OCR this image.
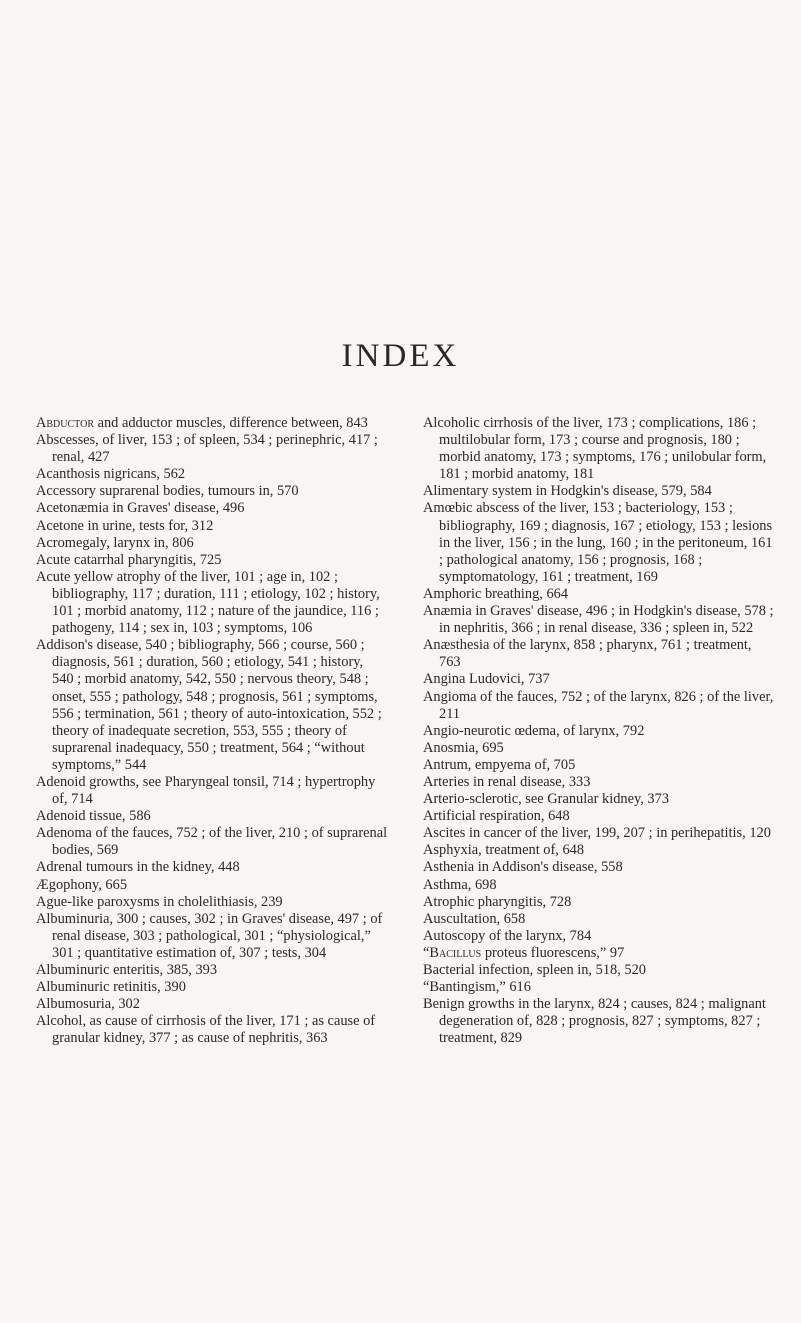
INDEX

Abductor and adductor muscles, difference between, 843

Abscesses, of liver, 153 ; of spleen, 534 ; perinephric, 417 ; renal, 427

Acanthosis nigricans, 562

Accessory suprarenal bodies, tumours in, 570

Acetonæmia in Graves' disease, 496

Acetone in urine, tests for, 312

Acromegaly, larynx in, 806

Acute catarrhal pharyngitis, 725

Acute yellow atrophy of the liver, 101 ; age in, 102 ; bibliography, 117 ; duration, 111 ; etiology, 102 ; history, 101 ; morbid anatomy, 112 ; nature of the jaundice, 116 ; pathogeny, 114 ; sex in, 103 ; symptoms, 106

Addison's disease, 540 ; bibliography, 566 ; course, 560 ; diagnosis, 561 ; duration, 560 ; etiology, 541 ; history, 540 ; morbid anatomy, 542, 550 ; nervous theory, 548 ; onset, 555 ; pathology, 548 ; prognosis, 561 ; symptoms, 556 ; termination, 561 ; theory of auto-intoxication, 552 ; theory of inadequate secretion, 553, 555 ; theory of suprarenal inadequacy, 550 ; treatment, 564 ; “without symptoms,” 544

Adenoid growths, see Pharyngeal tonsil, 714 ; hypertrophy of, 714

Adenoid tissue, 586

Adenoma of the fauces, 752 ; of the liver, 210 ; of suprarenal bodies, 569

Adrenal tumours in the kidney, 448

Ægophony, 665

Ague-like paroxysms in cholelithiasis, 239

Albuminuria, 300 ; causes, 302 ; in Graves' disease, 497 ; of renal disease, 303 ; pathological, 301 ; “physiological,” 301 ; quantitative estimation of, 307 ; tests, 304

Albuminuric enteritis, 385, 393

Albuminuric retinitis, 390

Albumosuria, 302

Alcohol, as cause of cirrhosis of the liver, 171 ; as cause of granular kidney, 377 ; as cause of nephritis, 363

Alcoholic cirrhosis of the liver, 173 ; complications, 186 ; multilobular form, 173 ; course and prognosis, 180 ; morbid anatomy, 173 ; symptoms, 176 ; unilobular form, 181 ; morbid anatomy, 181

Alimentary system in Hodgkin's disease, 579, 584

Amœbic abscess of the liver, 153 ; bacteriology, 153 ; bibliography, 169 ; diagnosis, 167 ; etiology, 153 ; lesions in the liver, 156 ; in the lung, 160 ; in the peritoneum, 161 ; pathological anatomy, 156 ; prognosis, 168 ; symptomatology, 161 ; treatment, 169

Amphoric breathing, 664

Anæmia in Graves' disease, 496 ; in Hodgkin's disease, 578 ; in nephritis, 366 ; in renal disease, 336 ; spleen in, 522

Anæsthesia of the larynx, 858 ; pharynx, 761 ; treatment, 763

Angina Ludovici, 737

Angioma of the fauces, 752 ; of the larynx, 826 ; of the liver, 211

Angio-neurotic œdema, of larynx, 792

Anosmia, 695

Antrum, empyema of, 705

Arteries in renal disease, 333

Arterio-sclerotic, see Granular kidney, 373

Artificial respiration, 648

Ascites in cancer of the liver, 199, 207 ; in perihepatitis, 120

Asphyxia, treatment of, 648

Asthenia in Addison's disease, 558

Asthma, 698

Atrophic pharyngitis, 728

Auscultation, 658

Autoscopy of the larynx, 784

“Bacillus proteus fluorescens,” 97

Bacterial infection, spleen in, 518, 520

“Bantingism,” 616

Benign growths in the larynx, 824 ; causes, 824 ; malignant degeneration of, 828 ; prognosis, 827 ; symptoms, 827 ; treatment, 829
